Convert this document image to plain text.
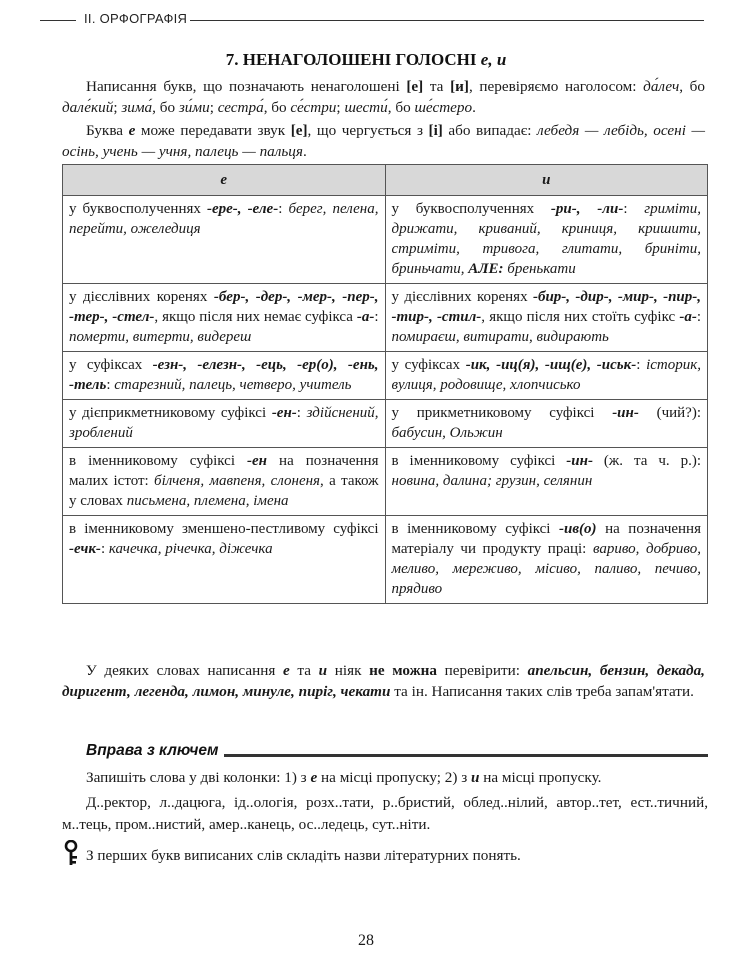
ІІ. ОРФОГРАФІЯ
7. НЕНАГОЛОШЕНІ ГОЛОСНІ е, и
Написання букв, що позначають ненаголошені [е] та [и], перевіряємо наголосом: да́леч, бо дале́кий; зима́, бо зи́ми; сестра́, бо се́стри; шести́, бо ше́стеро.
Буква е може передавати звук [е], що чергується з [і] або випадає: лебедя — лебідь, осені — осінь, учень — учня, палець — пальця.
е	и
у буквосполученнях -ере-, -еле-: берег, пелена, перейти, ожеледиця	у буквосполученнях -ри-, -ли-: гриміти, дрижати, криваний, криниця, кришити, стриміти, тривога, глитати, бриніти, бриньчати, АЛЕ: бренькати
у дієслівних коренях -бер-, -дер-, -мер-, -пер-, -тер-, -стел-, якщо після них немає суфікса -а-: померти, витерти, видереш	у дієслівних коренях -бир-, -дир-, -мир-, -пир-, -тир-, -стил-, якщо після них стоїть суфікс -а-: помираєш, витирати, видирають
у суфіксах -езн-, -елезн-, -ець, -ер(о), -ень, -тель: старезний, палець, четверо, учитель	у суфіксах -ик, -иц(я), -ищ(е), -иськ-: історик, вулиця, родовище, хлопчисько
у дієприкметниковому суфіксі -ен-: здійснений, зроблений	у прикметниковому суфіксі -ин- (чий?): бабусин, Ольжин
в іменниковому суфіксі -ен на позначення малих істот: білченя, мавпеня, слоненя, а також у словах письмена, племена, імена	в іменниковому суфіксі -ин- (ж. та ч. р.): новина, далина; грузин, селянин
в іменниковому зменшено-пестливому суфіксі -ечк-: качечка, річечка, діжечка	в іменниковому суфіксі -ив(о) на позначення матеріалу чи продукту праці: вариво, добриво, меливо, мереживо, місиво, паливо, печиво, прядиво
У деяких словах написання е та и ніяк не можна перевірити: апельсин, бензин, декада, диригент, легенда, лимон, минуле, пиріг, чекати та ін. Написання таких слів треба запам'ятати.
Вправа з ключем
Запишіть слова у дві колонки: 1) з е на місці пропуску; 2) з и на місці пропуску.
Д..ректор, л..дацюга, ід..ологія, розх..тати, р..бристий, облед..нілий, автор..тет, ест..тичний, м..тець, пром..нистий, амер..канець, ос..ледець, сут..ніти.
З перших букв виписаних слів складіть назви літературних понять.
28
